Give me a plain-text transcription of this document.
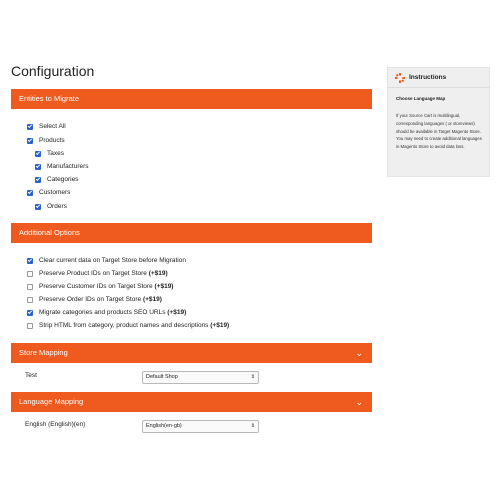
Configuration
Entities to Migrate
Select All
Products
Taxes
Manufacturers
Categories
Customers
Orders
Additional Options
Clear current data on Target Store before Migration
Preserve Product IDs on Target Store
(+$19)
Preserve Customer IDs on Target Store
(+$19)
Preserve Order IDs on Target Store
(+$19)
Migrate categories and products SEO URLs
(+$19)
Strip HTML from category, product names and descriptions
(+$19)
Store Mapping	⌄
Test	Default Shop	⇕
Language Mapping	⌄
English (English)(en)	English(en-gb)	⇕
Instructions
Choose Language Map
If your Source Cart is multilingual, corresponding languages ( or storeviews) should be available in Target Magento Store. You may need to create additional languages in Magento Store to avoid data loss.
